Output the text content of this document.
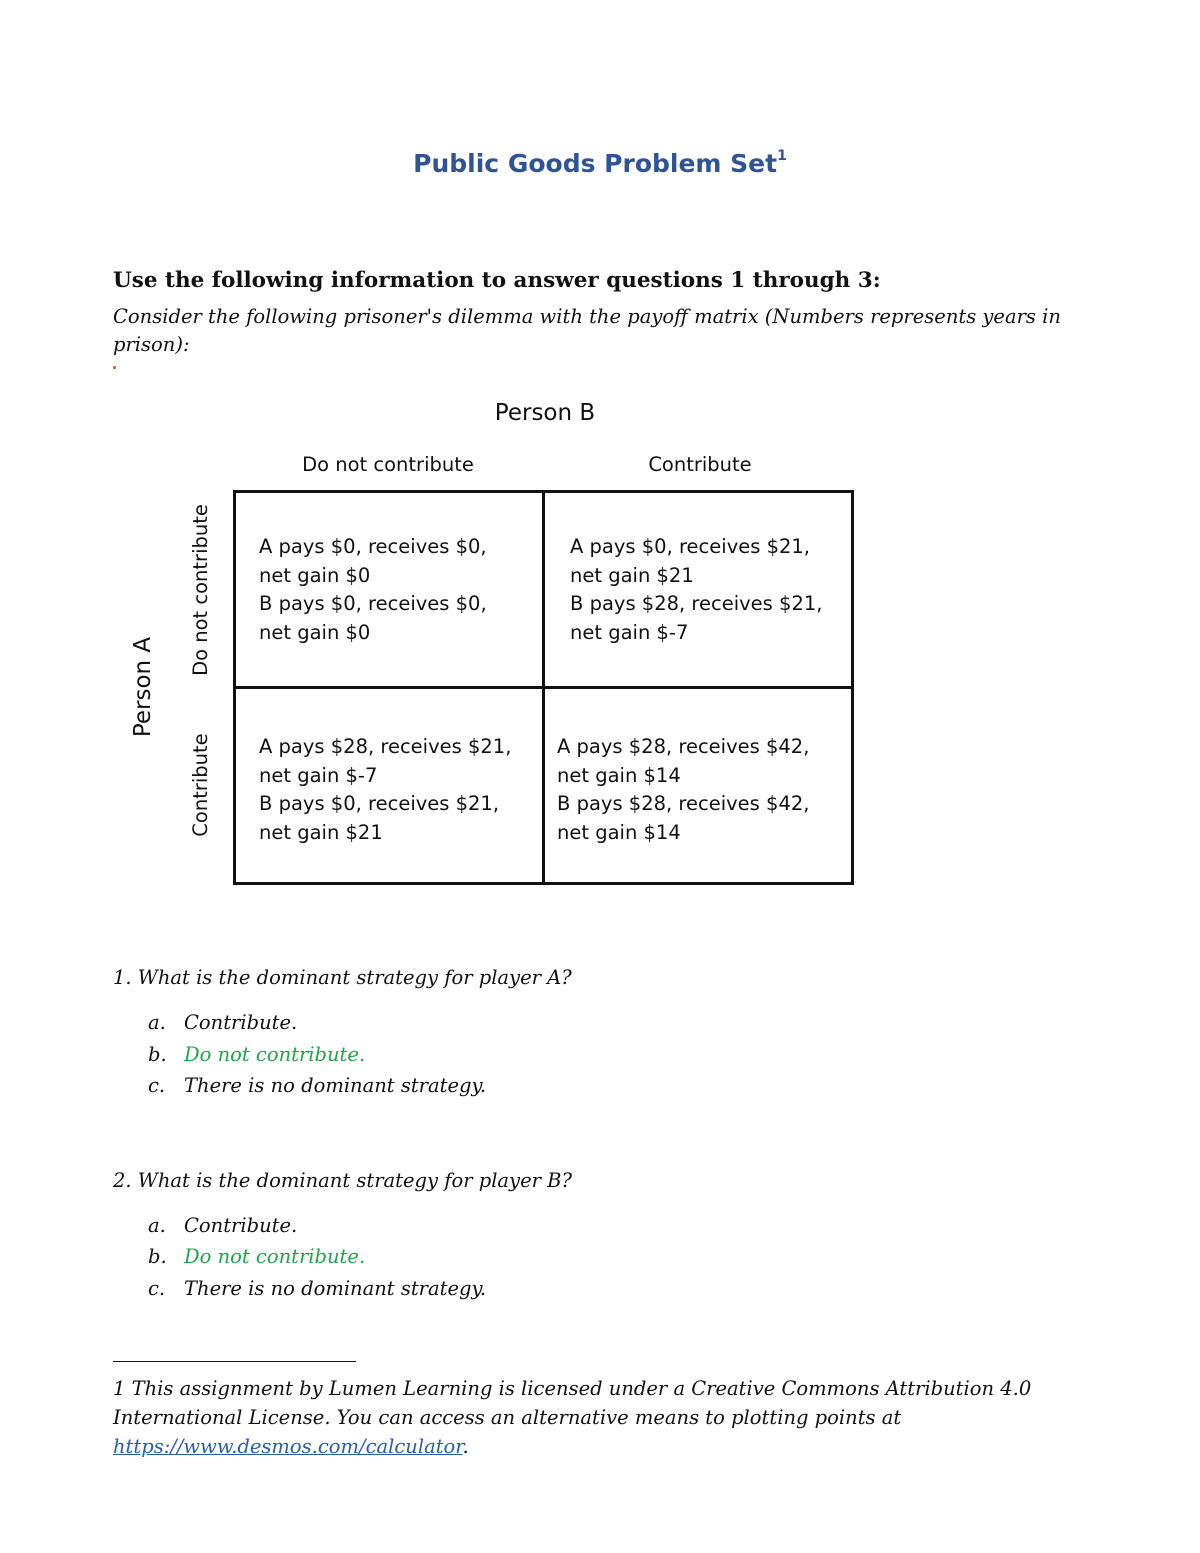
Public Goods Problem Set$^1$
Use the following information to answer questions 1 through 3:
Consider the following prisoner's dilemma with the payoff matrix (Numbers represents years in prison):
Person B
Do not contribute	Contribute
Person A
Do not contribute
Contribute
A pays $0, receives $0,
net gain $0
B pays $0, receives $0,
net gain $0
A pays $0, receives $21,
net gain $21
B pays $28, receives $21,
net gain $-7
A pays $28, receives $21,
net gain $-7
B pays $0, receives $21,
net gain $21
A pays $28, receives $42,
net gain $14
B pays $28, receives $42,
net gain $14
1. What is the dominant strategy for player A?
a. Contribute.
b. Do not contribute.
c. There is no dominant strategy.
2. What is the dominant strategy for player B?
a. Contribute.
b. Do not contribute.
c. There is no dominant strategy.
1 This assignment by Lumen Learning is licensed under a Creative Commons Attribution 4.0 International License. You can access an alternative means to plotting points at https://www.desmos.com/calculator.
